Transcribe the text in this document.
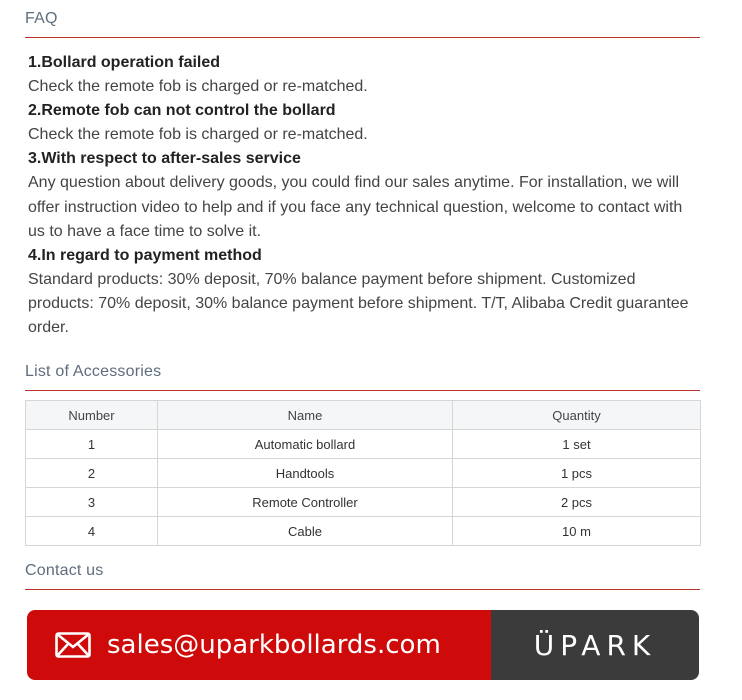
FAQ
1.Bollard operation failed
Check the remote fob is charged or re-matched.
2.Remote fob can not control the bollard
Check the remote fob is charged or re-matched.
3.With respect to after-sales service
Any question about delivery goods, you could find our sales anytime. For installation, we will offer instruction video to help and if you face any technical question, welcome to contact with us to have a face time to solve it.
4.In regard to payment method
Standard products: 30% deposit, 70% balance payment before shipment. Customized products: 70% deposit, 30% balance payment before shipment. T/T, Alibaba Credit guarantee order.
List of Accessories
Number	Name	Quantity
1	Automatic bollard	1 set
2	Handtools	1 pcs
3	Remote Controller	2 pcs
4	Cable	10 m
Contact us
sales@uparkbollards.com	ÜPARK
